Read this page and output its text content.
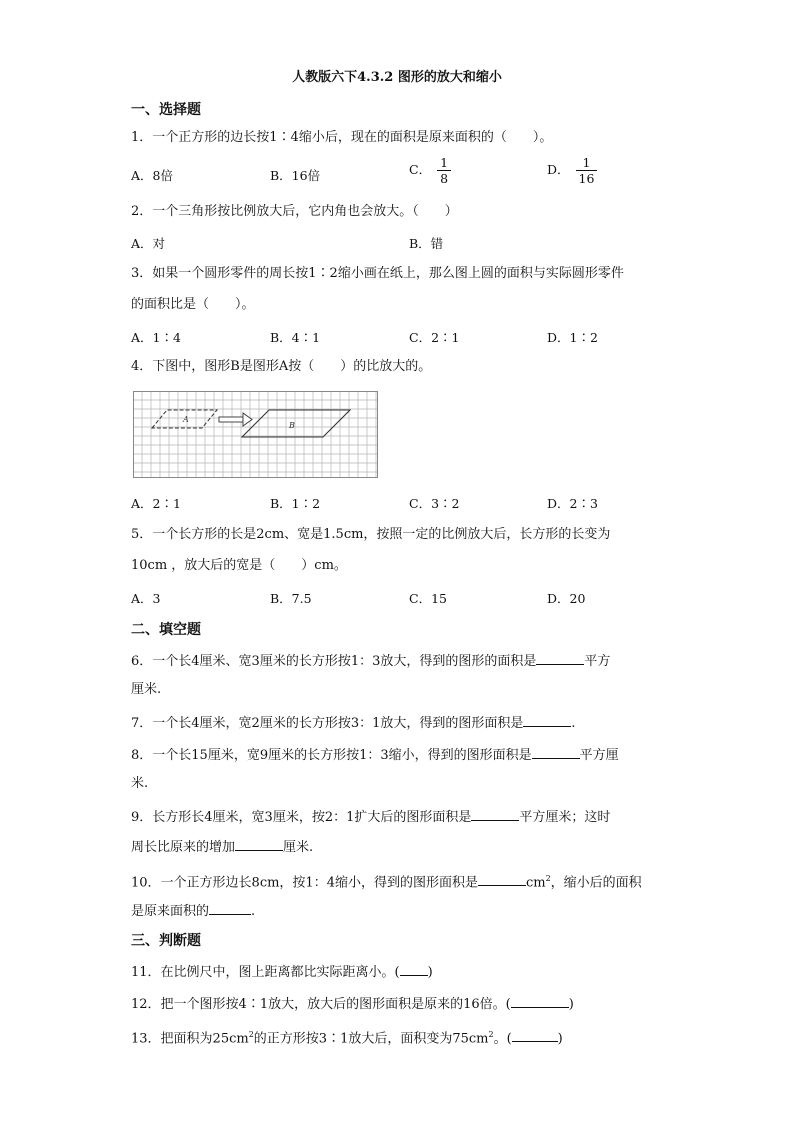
人教版六下4.3.2 图形的放大和缩小
一、选择题
1．一个正方形的边长按1∶4缩小后，现在的面积是原来面积的（　　）。
A．8倍	B．16倍	C． $\frac{1}{8}$	D． $\frac{1}{16}$
2．一个三角形按比例放大后，它内角也会放大。（　　）
A．对	B．错
3．如果一个圆形零件的周长按1∶2缩小画在纸上，那么图上圆的面积与实际圆形零件
的面积比是（　　）。
A．1∶4	B．4∶1	C．2∶1	D．1∶2
4．下图中，图形B是图形A按（　　）的比放大的。
A
B
A．2∶1	B．1∶2	C．3∶2	D．2∶3
5．一个长方形的长是2cm、宽是1.5cm，按照一定的比例放大后，长方形的长变为
10cm ，放大后的宽是（　　）cm。
A．3	B．7.5	C．15	D．20
二、填空题
6．一个长4厘米、宽3厘米的长方形按1：3放大，得到的图形的面积是	平方
厘米.
7．一个长4厘米，宽2厘米的长方形按3：1放大，得到的图形面积是	.
8．一个长15厘米，宽9厘米的长方形按1：3缩小，得到的图形面积是	平方厘
米.
9．长方形长4厘米，宽3厘米，按2：1扩大后的图形面积是	平方厘米；这时
周长比原来的增加	厘米.
10．一个正方形边长8cm，按1：4缩小，得到的图形面积是	$cm^2$，缩小后的面积
是原来面积的	.
三、判断题
11．在比例尺中，图上距离都比实际距离小。( )
12．把一个图形按4∶1放大，放大后的图形面积是原来的16倍。(	)
13．把面积为$25cm^2$的正方形按3∶1放大后，面积变为$75cm^2$。(	)
